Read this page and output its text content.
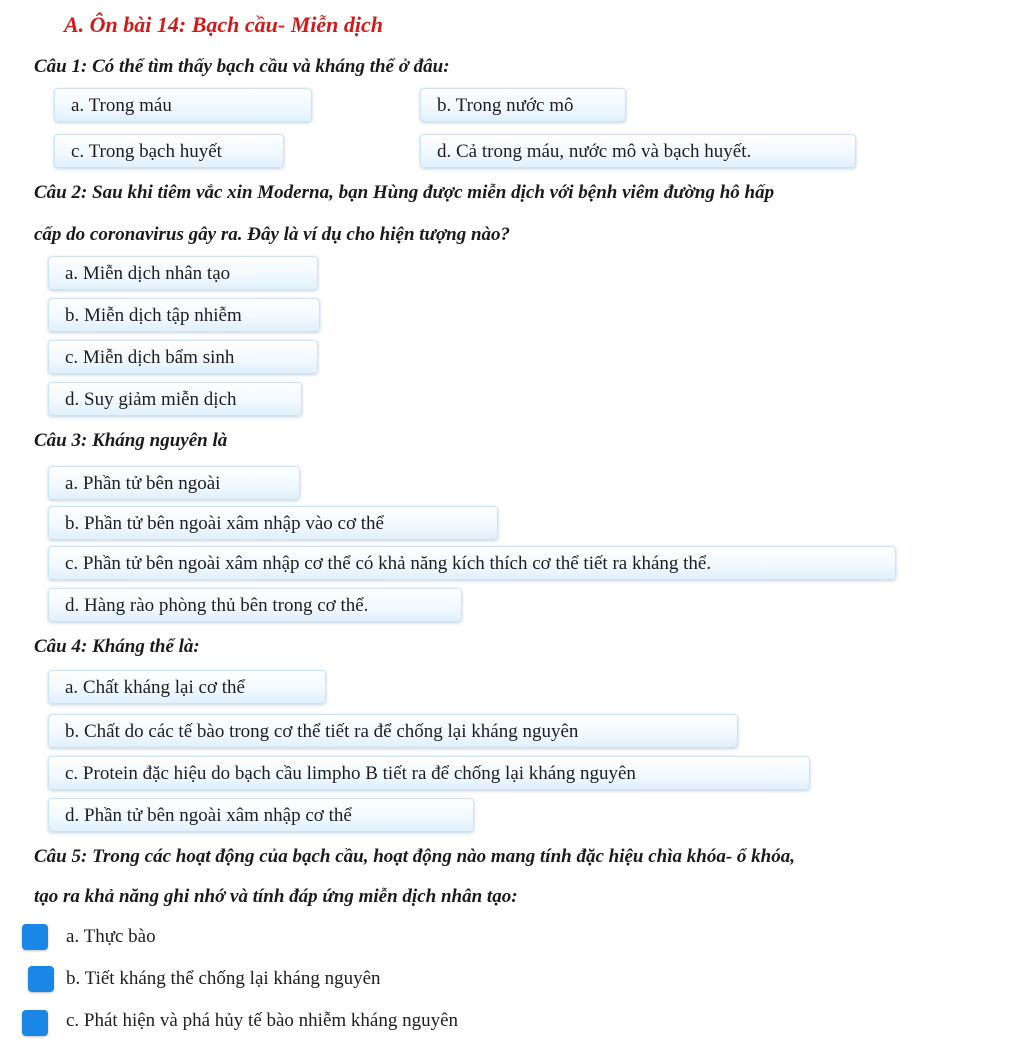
A. Ôn bài 14: Bạch cầu- Miễn dịch

Câu 1: Có thể tìm thấy bạch cầu và kháng thể ở đâu:

a. Trong máu	b. Trong nước mô
c. Trong bạch huyết	d. Cả trong máu, nước mô và bạch huyết.

Câu 2: Sau khi tiêm vắc xin Moderna, bạn Hùng được miễn dịch với bệnh viêm đường hô hấp

cấp do coronavirus gây ra. Đây là ví dụ cho hiện tượng nào?

a. Miễn dịch nhân tạo
b. Miễn dịch tập nhiễm
c. Miễn dịch bẩm sinh
d. Suy giảm miễn dịch

Câu 3: Kháng nguyên là

a. Phần tử bên ngoài
b. Phần tử bên ngoài xâm nhập vào cơ thể
c. Phần tử bên ngoài xâm nhập cơ thể có khả năng kích thích cơ thể tiết ra kháng thể.
d. Hàng rào phòng thủ bên trong cơ thể.

Câu 4: Kháng thể là:

a. Chất kháng lại cơ thể
b. Chất do các tế bào trong cơ thể tiết ra để chống lại kháng nguyên
c. Protein đặc hiệu do bạch cầu limpho B tiết ra để chống lại kháng nguyên
d. Phần tử bên ngoài xâm nhập cơ thể

Câu 5: Trong các hoạt động của bạch cầu, hoạt động nào mang tính đặc hiệu chìa khóa- ổ khóa,

tạo ra khả năng ghi nhớ và tính đáp ứng miễn dịch nhân tạo:

a. Thực bào
b. Tiết kháng thể chống lại kháng nguyên
c. Phát hiện và phá hủy tế bào nhiễm kháng nguyên
